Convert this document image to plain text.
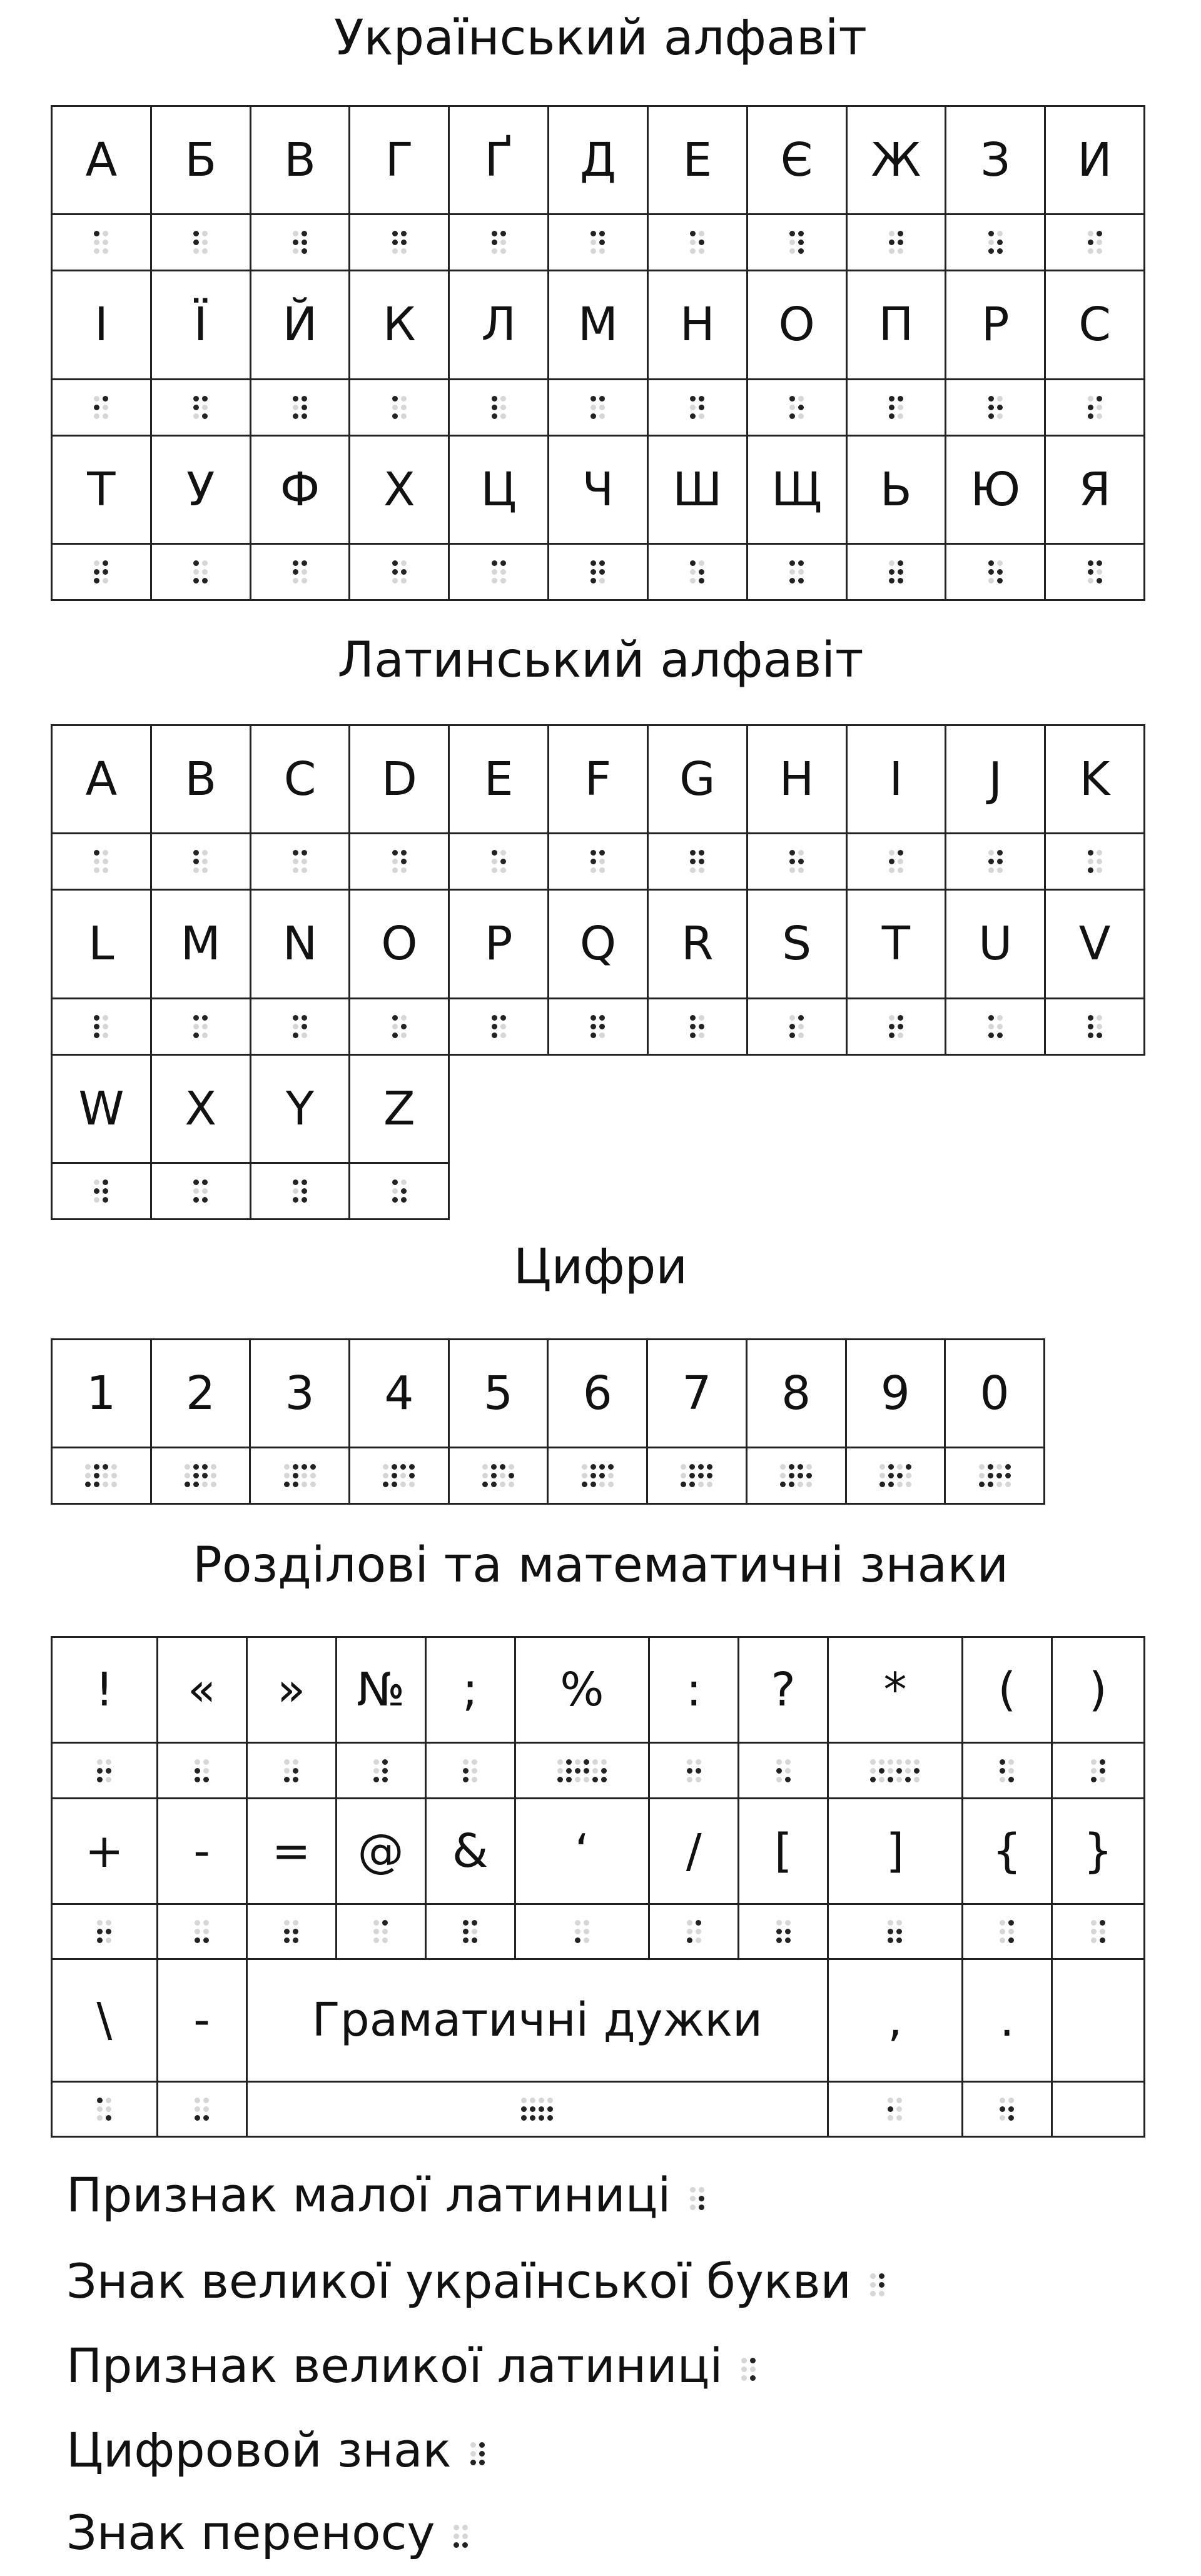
Український алфавіт
А	Б	В	Г	Ґ	Д	Е	Є	Ж	З	И

І	Ї	Й	К	Л	М	Н	О	П	Р	С

Т	У	Ф	Х	Ц	Ч	Ш	Щ	Ь	Ю	Я

Латинський алфавіт
A	B	C	D	E	F	G	H	I	J	K

L	M	N	O	P	Q	R	S	T	U	V

W	X	Y	Z							

Цифри
1	2	3	4	5	6	7	8	9	0

Розділові та математичні знаки
!	«	»	№	;	%	:	?	*	(	)

+	-	=	@	&	‘	/	[	]	{	}

\	-	Граматичні дужки						,	.	

Признак малої латиниці
Знак великої української букви
Признак великої латиниці
Цифровой знак
Знак переносу
